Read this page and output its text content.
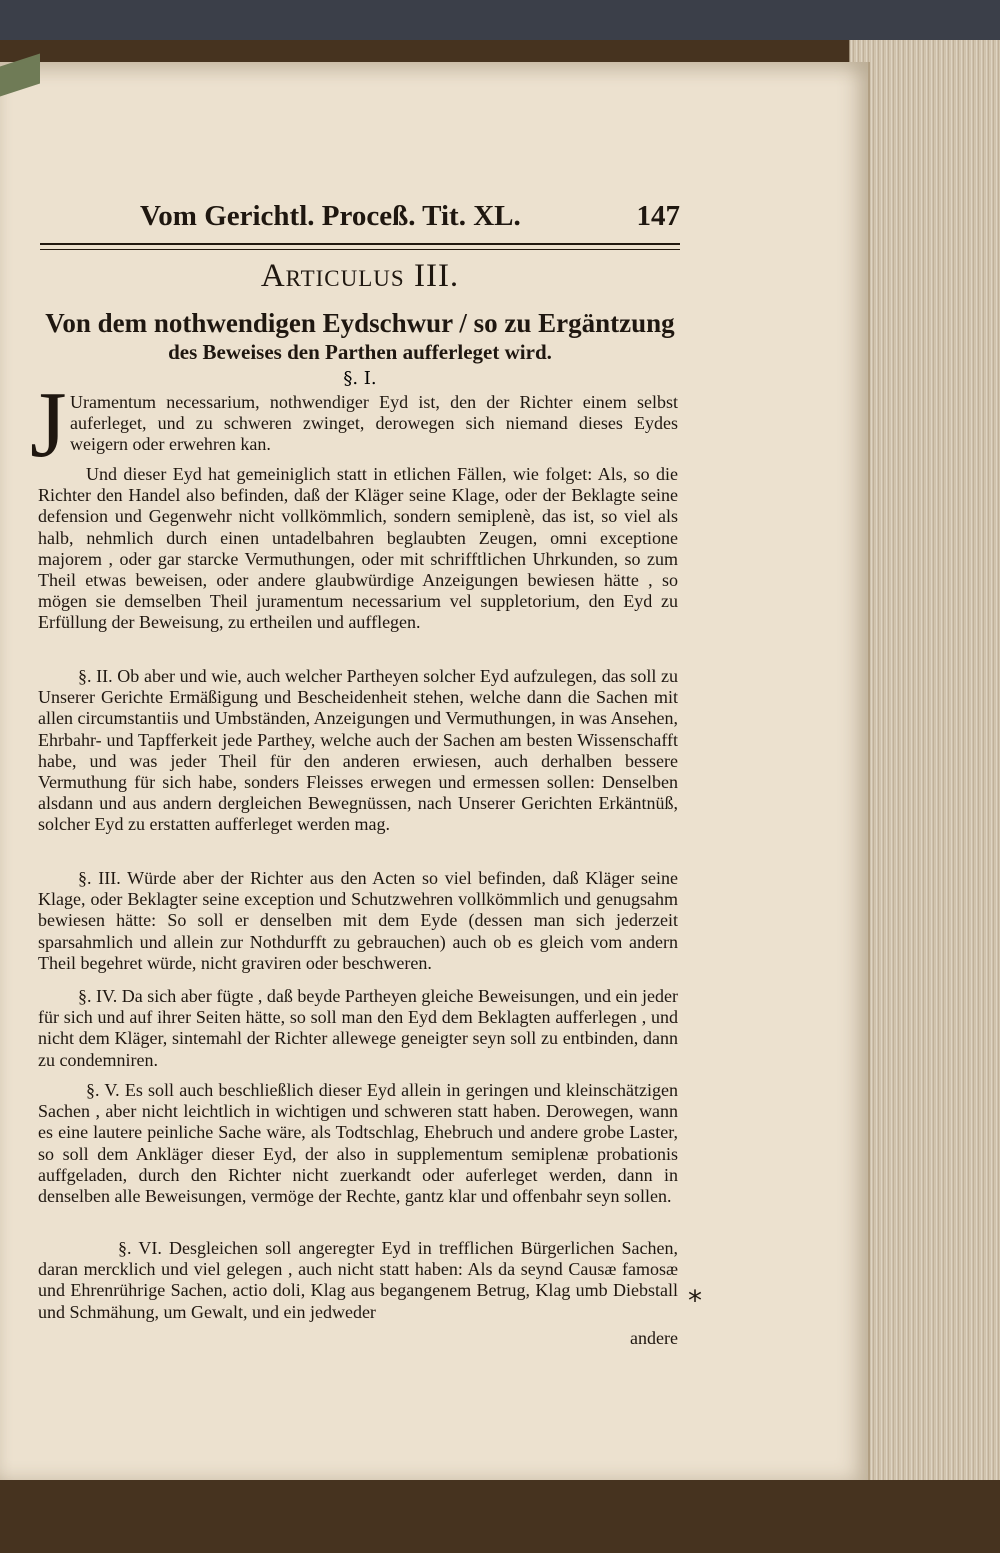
Vom Gerichtl. Proceß. Tit. XL.	147
Articulus III.
Von dem nothwendigen Eydschwur / so zu Ergäntzung
des Beweises den Parthen aufferleget wird.
§. I.
J Uramentum necessarium, nothwendiger Eyd ist, den der Richter einem selbst auferleget, und zu schweren zwinget, derowegen sich niemand dieses Eydes weigern oder erwehren kan.

Und dieser Eyd hat gemeiniglich statt in etlichen Fällen, wie folget: Als, so die Richter den Handel also befinden, daß der Kläger seine Klage, oder der Beklagte seine defension und Gegenwehr nicht vollkömmlich, sondern semiplenè, das ist, so viel als halb, nehmlich durch einen untadelbahren beglaubten Zeugen, omni exceptione majorem , oder gar starcke Vermuthungen, oder mit schrifftlichen Uhrkunden, so zum Theil etwas beweisen, oder andere glaubwürdige Anzeigungen bewiesen hätte , so mögen sie demselben Theil juramentum necessarium vel suppletorium, den Eyd zu Erfüllung der Beweisung, zu ertheilen und aufflegen.

§. II. Ob aber und wie, auch welcher Partheyen solcher Eyd aufzulegen, das soll zu Unserer Gerichte Ermäßigung und Bescheidenheit stehen, welche dann die Sachen mit allen circumstantiis und Umbständen, Anzeigungen und Vermuthungen, in was Ansehen, Ehrbahr- und Tapfferkeit jede Parthey, welche auch der Sachen am besten Wissenschafft habe, und was jeder Theil für den anderen erwiesen, auch derhalben bessere Vermuthung für sich habe, sonders Fleisses erwegen und ermessen sollen: Denselben alsdann und aus andern dergleichen Bewegnüssen, nach Unserer Gerichten Erkäntnüß, solcher Eyd zu erstatten aufferleget werden mag.

§. III. Würde aber der Richter aus den Acten so viel befinden, daß Kläger seine Klage, oder Beklagter seine exception und Schutzwehren vollkömmlich und genugsahm bewiesen hätte: So soll er denselben mit dem Eyde (dessen man sich jederzeit sparsahmlich und allein zur Nothdurfft zu gebrauchen) auch ob es gleich vom andern Theil begehret würde, nicht graviren oder beschweren.

§. IV. Da sich aber fügte , daß beyde Partheyen gleiche Beweisungen, und ein jeder für sich und auf ihrer Seiten hätte, so soll man den Eyd dem Beklagten aufferlegen , und nicht dem Kläger, sintemahl der Richter allewege geneigter seyn soll zu entbinden, dann zu condemniren.

§. V. Es soll auch beschließlich dieser Eyd allein in geringen und kleinschätzigen Sachen , aber nicht leichtlich in wichtigen und schweren statt haben. Derowegen, wann es eine lautere peinliche Sache wäre, als Todtschlag, Ehebruch und andere grobe Laster, so soll dem Ankläger dieser Eyd, der also in supplementum semiplenæ probationis auffgeladen, durch den Richter nicht zuerkandt oder auferleget werden, dann in denselben alle Beweisungen, vermöge der Rechte, gantz klar und offenbahr seyn sollen.

§. VI. Desgleichen soll angeregter Eyd in trefflichen Bürgerlichen Sachen, daran mercklich und viel gelegen , auch nicht statt haben: Als da seynd Causæ famosæ und Ehrenrührige Sachen, actio doli, Klag aus begangenem Betrug, Klag umb Diebstall und Schmähung, um Gewalt, und ein jedweder

andere
*
